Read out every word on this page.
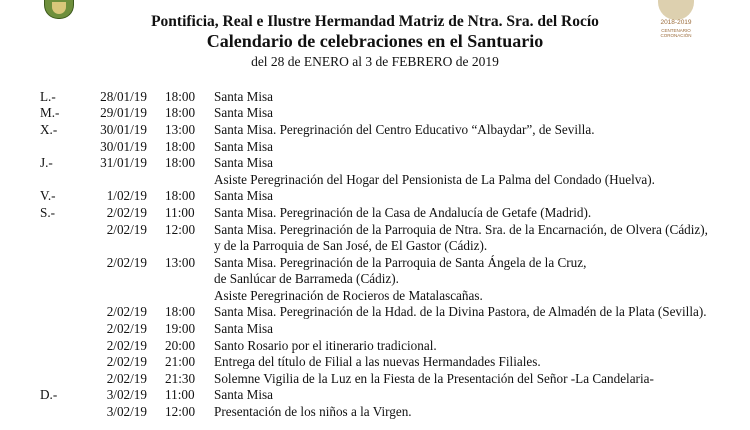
2018-2019
CENTENARIO CORONACIÓN
Pontificia, Real e Ilustre Hermandad Matriz de Ntra. Sra. del Rocío
Calendario de celebraciones en el Santuario
del 28 de ENERO al 3 de FEBRERO de 2019
L.-	28/01/19 18:00 Santa Misa
M.-	29/01/19 18:00 Santa Misa
X.-	30/01/19 13:00 Santa Misa. Peregrinación del Centro Educativo “Albaydar”, de Sevilla.
30/01/19 18:00 Santa Misa
J.-	31/01/19 18:00 Santa Misa
Asiste Peregrinación del Hogar del Pensionista de La Palma del Condado (Huelva).
V.-	1/02/19 18:00 Santa Misa
S.-	2/02/19 11:00 Santa Misa. Peregrinación de la Casa de Andalucía de Getafe (Madrid).
2/02/19 12:00 Santa Misa. Peregrinación de la Parroquia de Ntra. Sra. de la Encarnación, de Olvera (Cádiz),
y de la Parroquia de San José, de El Gastor (Cádiz).
2/02/19 13:00 Santa Misa. Peregrinación de la Parroquia de Santa Ángela de la Cruz,
de Sanlúcar de Barrameda (Cádiz).
Asiste Peregrinación de Rocieros de Matalascañas.
2/02/19 18:00 Santa Misa. Peregrinación de la Hdad. de la Divina Pastora, de Almadén de la Plata (Sevilla).
2/02/19 19:00 Santa Misa
2/02/19 20:00 Santo Rosario por el itinerario tradicional.
2/02/19 21:00 Entrega del título de Filial a las nuevas Hermandades Filiales.
2/02/19 21:30 Solemne Vigilia de la Luz en la Fiesta de la Presentación del Señor -La Candelaria-
D.-	3/02/19 11:00 Santa Misa
3/02/19 12:00 Presentación de los niños a la Virgen.
